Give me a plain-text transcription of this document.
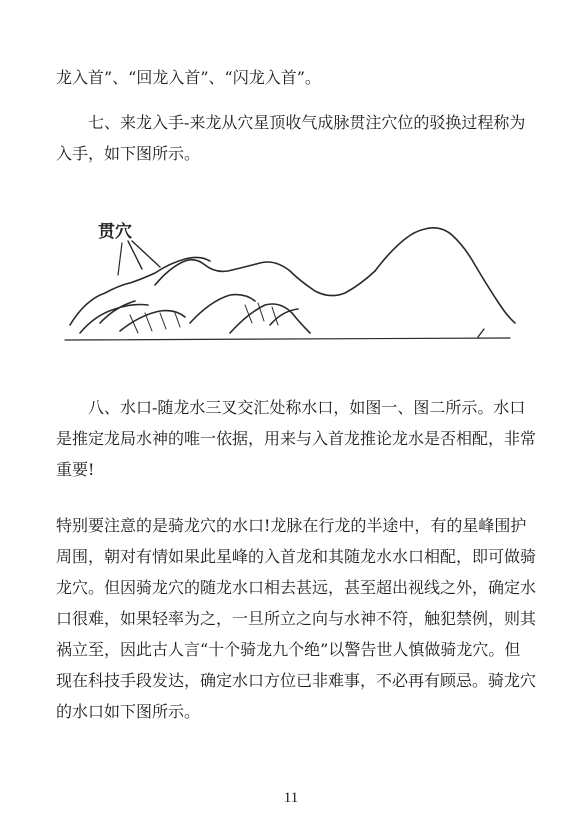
龙入首”、“回龙入首”、“闪龙入首”。
七、来龙入手-来龙从穴星顶收气成脉贯注穴位的驳换过程称为
入手，如下图所示。
贯穴
八、水口-随龙水三叉交汇处称水口，如图一、图二所示。水口
是推定龙局水神的唯一依据，用来与入首龙推论龙水是否相配，非常
重要!
特别要注意的是骑龙穴的水口!龙脉在行龙的半途中，有的星峰围护
周围，朝对有情如果此星峰的入首龙和其随龙水水口相配，即可做骑
龙穴。但因骑龙穴的随龙水口相去甚远，甚至超出视线之外，确定水
口很难，如果轻率为之，一旦所立之向与水神不符，触犯禁例，则其
祸立至，因此古人言“十个骑龙九个绝”以警告世人慎做骑龙穴。但
现在科技手段发达，确定水口方位已非难事，不必再有顾忌。骑龙穴
的水口如下图所示。
11
